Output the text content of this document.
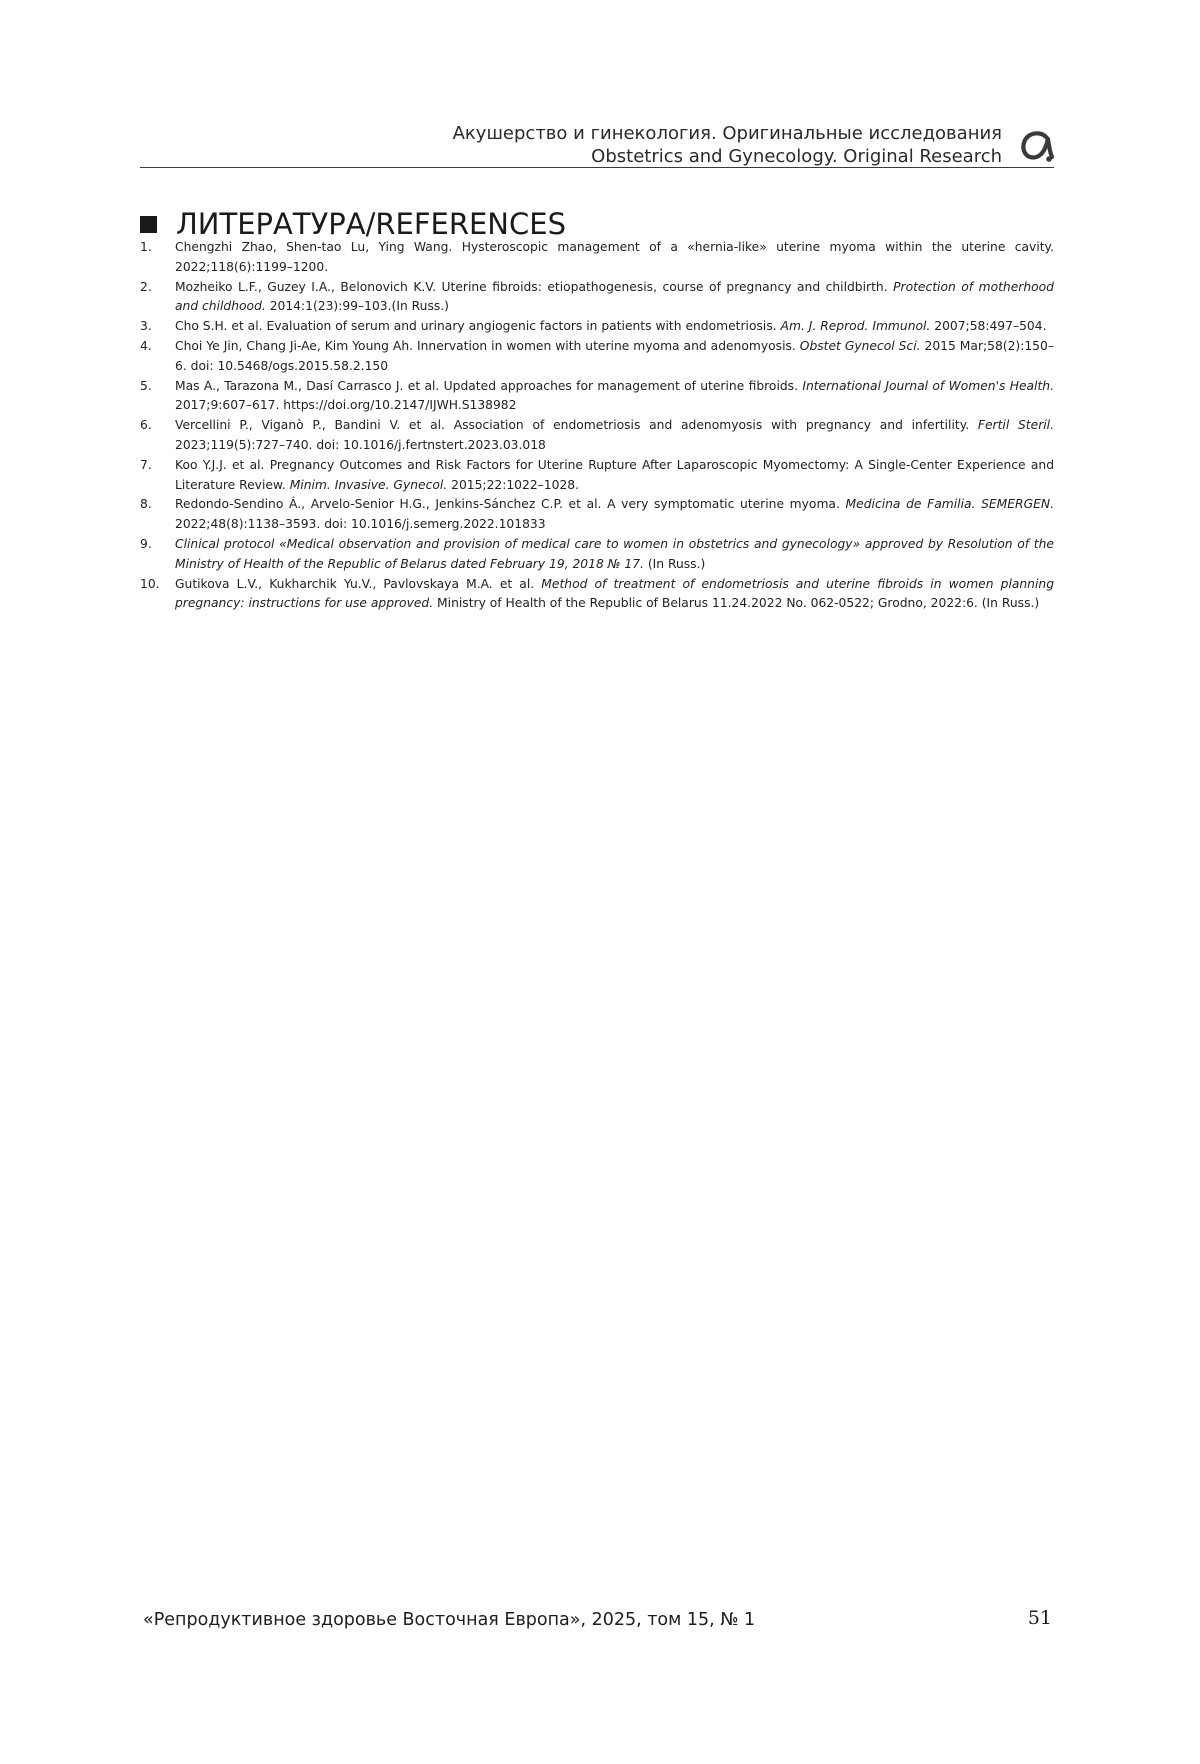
Акушерство и гинекология. Оригинальные исследования
Obstetrics and Gynecology. Original Research
ЛИТЕРАТУРА/REFERENCES
1.	Chengzhi Zhao, Shen-tao Lu, Ying Wang. Hysteroscopic management of a «hernia-like» uterine myoma within the uterine cavity. 2022;118(6):1199–1200.
2.	Mozheiko L.F., Guzey I.A., Belonovich K.V. Uterine fibroids: etiopathogenesis, course of pregnancy and childbirth. Protection of motherhood and childhood. 2014:1(23):99–103.(In Russ.)
3.	Cho S.H. et al. Evaluation of serum and urinary angiogenic factors in patients with endometriosis. Am. J. Reprod. Immunol. 2007;58:497–504.
4.	Choi Ye Jin, Chang Ji-Ae, Kim Young Ah. Innervation in women with uterine myoma and adenomyosis. Obstet Gynecol Sci. 2015 Mar;58(2):150–6. doi: 10.5468/ogs.2015.58.2.150
5.	Mas A., Tarazona M., Dasí Carrasco J. et al. Updated approaches for management of uterine fibroids. International Journal of Women's Health. 2017;9:607–617. https://doi.org/10.2147/IJWH.S138982
6.	Vercellini P., Viganò P., Bandini V. et al. Association of endometriosis and adenomyosis with pregnancy and infertility. Fertil Steril. 2023;119(5):727–740. doi: 10.1016/j.fertnstert.2023.03.018
7.	Koo Y.J.J. et al. Pregnancy Outcomes and Risk Factors for Uterine Rupture After Laparoscopic Myomectomy: A Single-Center Experience and Literature Review. Minim. Invasive. Gynecol. 2015;22:1022–1028.
8.	Redondo-Sendino Á., Arvelo-Senior H.G., Jenkins-Sánchez C.P. et al. A very symptomatic uterine myoma. Medicina de Familia. SEMERGEN. 2022;48(8):1138–3593. doi: 10.1016/j.semerg.2022.101833
9.	Clinical protocol «Medical observation and provision of medical care to women in obstetrics and gynecology» approved by Resolution of the Ministry of Health of the Republic of Belarus dated February 19, 2018 № 17. (In Russ.)
10.	Gutikova L.V., Kukharchik Yu.V., Pavlovskaya M.A. et al. Method of treatment of endometriosis and uterine fibroids in women planning pregnancy: instructions for use approved. Ministry of Health of the Republic of Belarus 11.24.2022 No. 062-0522; Grodno, 2022:6. (In Russ.)
«Репродуктивное здоровье Восточная Европа», 2025, том 15, № 1	51
